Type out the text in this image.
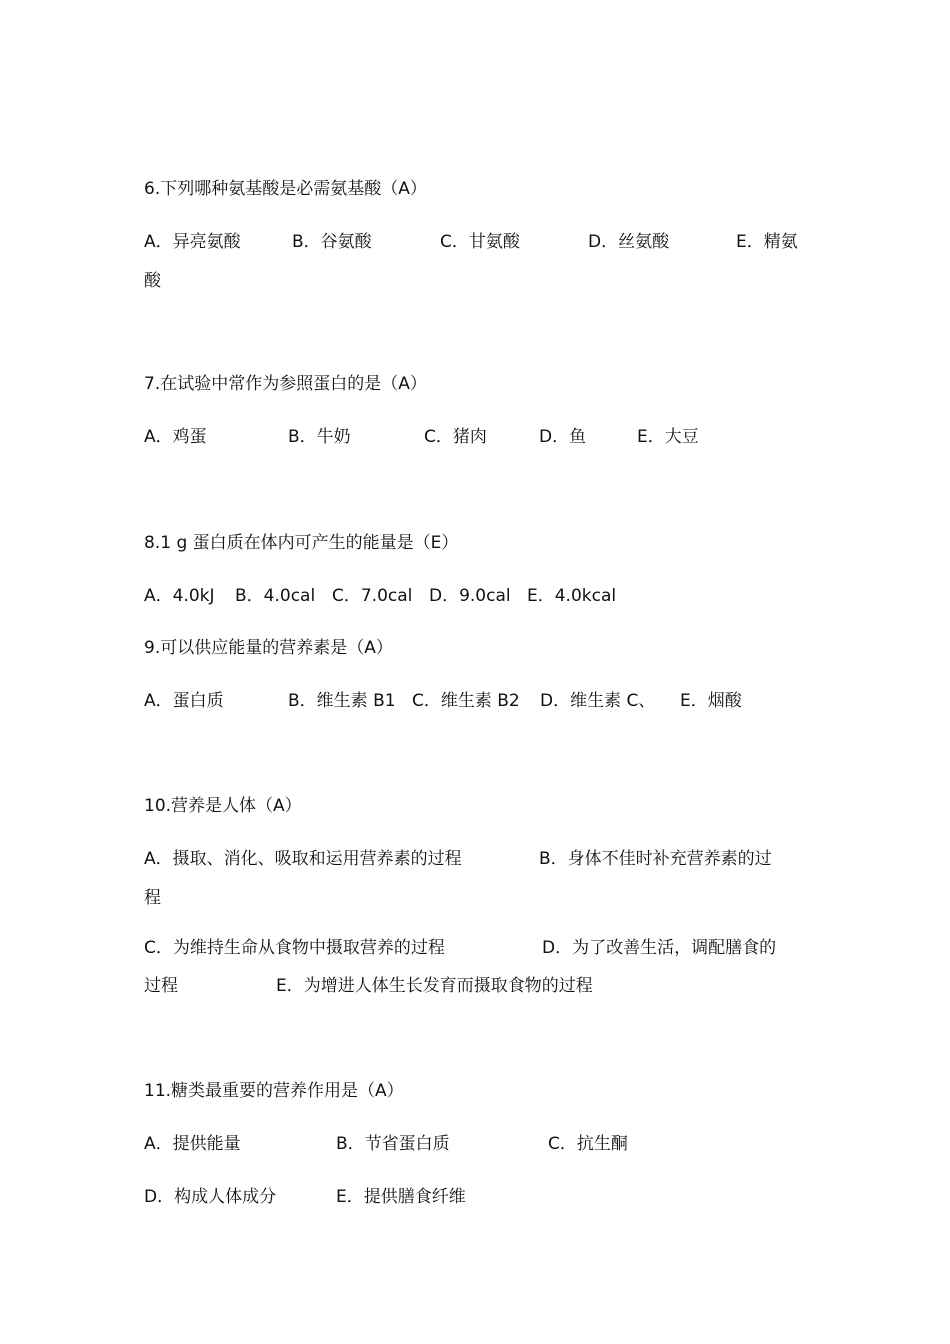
6.下列哪种氨基酸是必需氨基酸（A）
A．异亮氨酸	B．谷氨酸	C．甘氨酸	D．丝氨酸	E．精氨
酸
7.在试验中常作为参照蛋白的是（A）
A．鸡蛋	B．牛奶	C．猪肉	D．鱼	E．大豆
8.1 g 蛋白质在体内可产生的能量是（E）
A．4.0kJ B．4.0cal C．7.0cal D．9.0cal E．4.0kcal
9.可以供应能量的营养素是（A）
A．蛋白质	B．维生素 B1 C．维生素 B2 D．维生素 C、 E．烟酸
10.营养是人体（A）
A．摄取、消化、吸取和运用营养素的过程	B．身体不佳时补充营养素的过
程
C．为维持生命从食物中摄取营养的过程	D．为了改善生活，调配膳食的
过程	E．为增进人体生长发育而摄取食物的过程
11.糖类最重要的营养作用是（A）
A．提供能量	B．节省蛋白质	C．抗生酮
D．构成人体成分	E．提供膳食纤维
